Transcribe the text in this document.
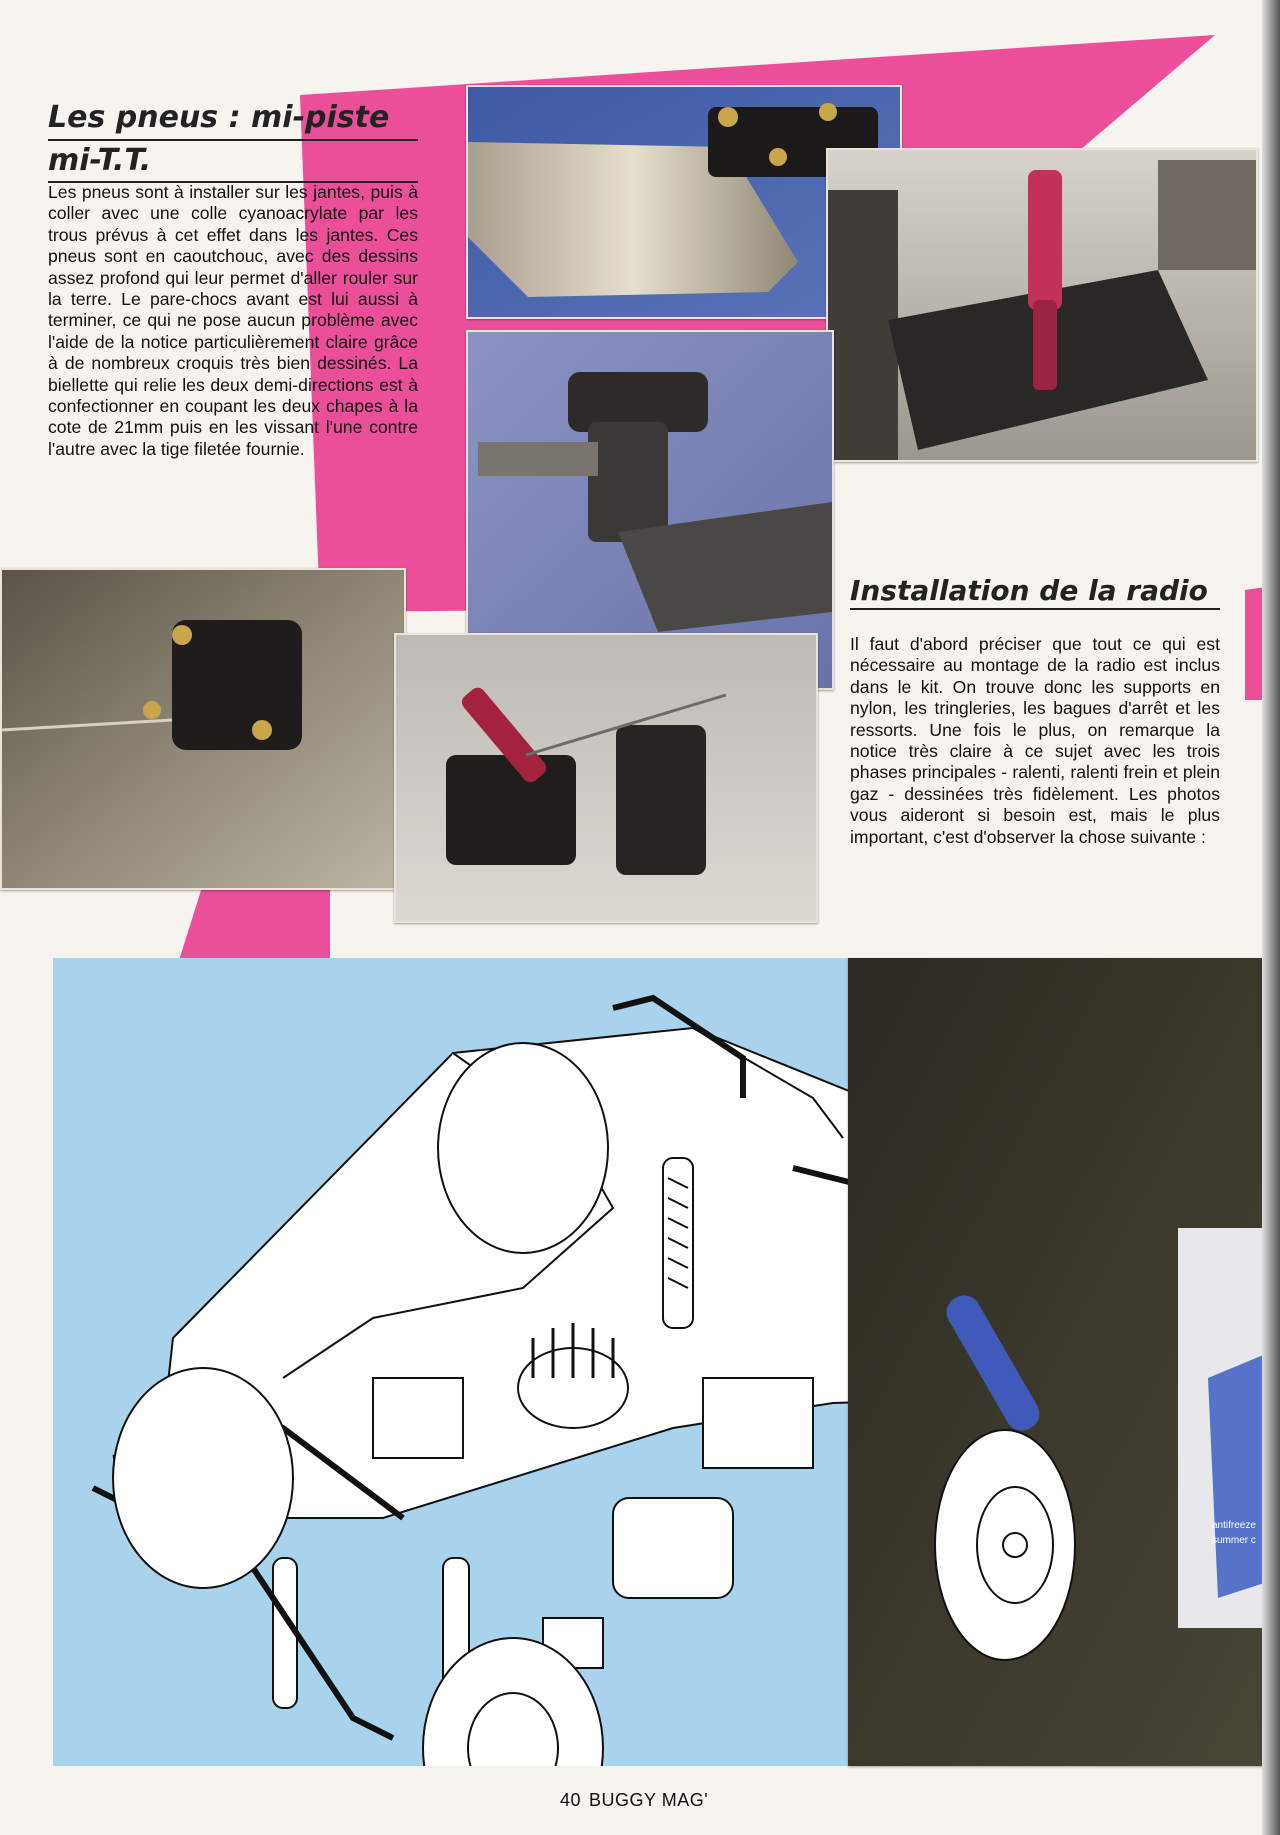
Les pneus : mi-piste
mi-T.T.

Les pneus sont à installer sur les jantes, puis à coller avec une colle cyanoacrylate par les trous prévus à cet effet dans les jantes. Ces pneus sont en caoutchouc, avec des dessins assez profond qui leur permet d'aller rouler sur la terre. Le pare-chocs avant est lui aussi à terminer, ce qui ne pose aucun problème avec l'aide de la notice particulièrement claire grâce à de nombreux croquis très bien dessinés. La biellette qui relie les deux demi-directions est à confectionner en coupant les deux chapes à la cote de 21mm puis en les vissant l'une contre l'autre avec la tige filetée fournie.

Installation de la radio

Il faut d'abord préciser que tout ce qui est nécessaire au montage de la radio est inclus dans le kit. On trouve donc les supports en nylon, les tringleries, les bagues d'arrêt et les ressorts. Une fois le plus, on remarque la notice très claire à ce sujet avec les trois phases principales - ralenti, ralenti frein et plein gaz - dessinées très fidèlement. Les photos vous aideront si besoin est, mais le plus important, c'est d'observer la chose suivante :

antifreeze
summer c
40 BUGGY MAG'
